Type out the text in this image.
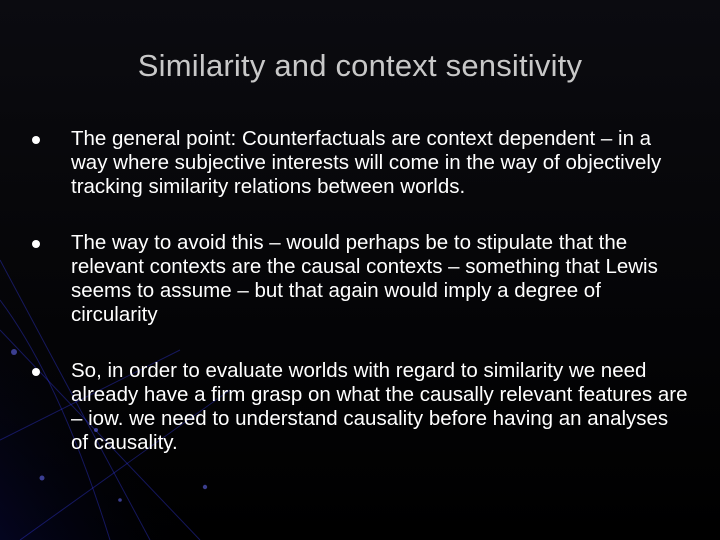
Similarity and context sensitivity
The general point: Counterfactuals are context dependent – in a way where subjective interests will come in the way of objectively tracking similarity relations between worlds.
The way to avoid this – would perhaps be to stipulate that the relevant contexts are the causal contexts – something that Lewis seems to assume – but that again would imply a degree of circularity
So, in order to evaluate worlds with regard to similarity we need already have a firm grasp on what the causally relevant features are – iow. we need to understand causality before having an analyses of causality.
